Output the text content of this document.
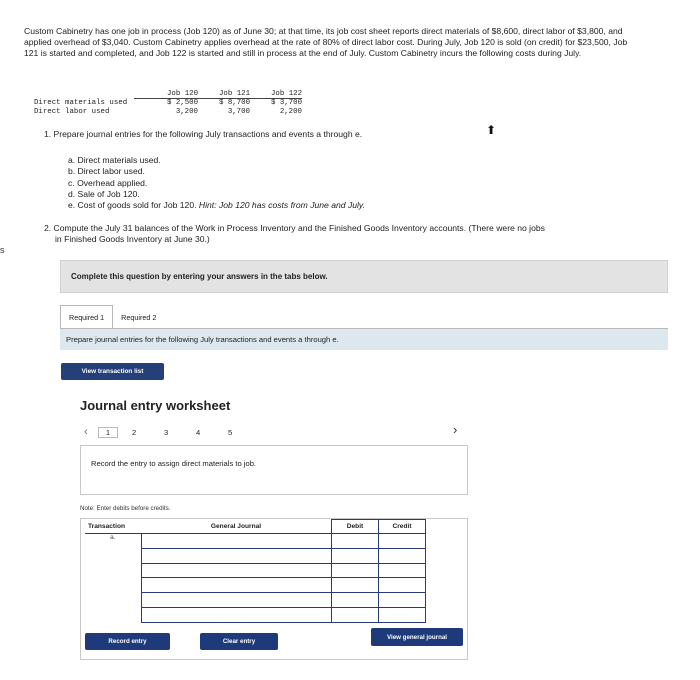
Custom Cabinetry has one job in process (Job 120) as of June 30; at that time, its job cost sheet reports direct materials of $8,600, direct labor of $3,800, and applied overhead of $3,040. Custom Cabinetry applies overhead at the rate of 80% of direct labor cost. During July, Job 120 is sold (on credit) for $23,500, Job 121 is started and completed, and Job 122 is started and still in process at the end of July. Custom Cabinetry incurs the following costs during July.
s
	Job 120	Job 121	Job 122
Direct materials used	$ 2,500	$ 8,700	$ 3,700
Direct labor used	3,200	3,700	2,200
1. Prepare journal entries for the following July transactions and events a through e.	⬆
a. Direct materials used.
b. Direct labor used.
c. Overhead applied.
d. Sale of Job 120.
e. Cost of goods sold for Job 120. Hint: Job 120 has costs from June and July.
2. Compute the July 31 balances of the Work in Process Inventory and the Finished Goods Inventory accounts. (There were no jobs
in Finished Goods Inventory at June 30.)
Complete this question by entering your answers in the tabs below.
Required 1	Required 2
Prepare journal entries for the following July transactions and events a through e.
View transaction list
Journal entry worksheet
‹	1	2	3	4	5	›
Record the entry to assign direct materials to job.
Note: Enter debits before credits.
Transaction	General Journal	Debit	Credit
a.			

Record entry	Clear entry
View general journal
